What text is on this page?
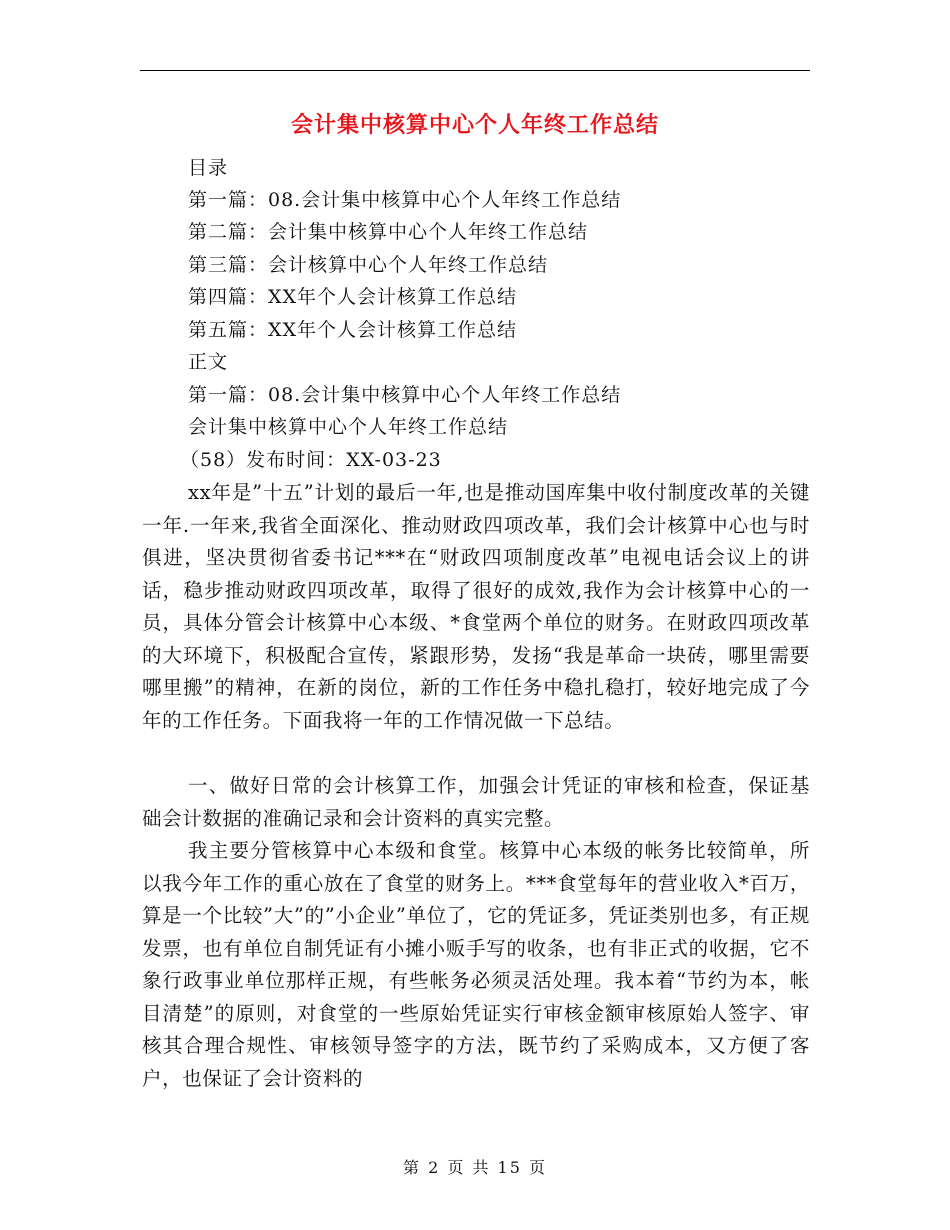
会计集中核算中心个人年终工作总结
目录
第一篇：08.会计集中核算中心个人年终工作总结
第二篇：会计集中核算中心个人年终工作总结
第三篇：会计核算中心个人年终工作总结
第四篇：XX年个人会计核算工作总结
第五篇：XX年个人会计核算工作总结
正文
第一篇：08.会计集中核算中心个人年终工作总结
会计集中核算中心个人年终工作总结
（58）发布时间：XX-03-23

xx年是”十五”计划的最后一年,也是推动国库集中收付制度改革的关键一年.一年来,我省全面深化、推动财政四项改革，我们会计核算中心也与时俱进，坚决贯彻省委书记***在“财政四项制度改革”电视电话会议上的讲话，稳步推动财政四项改革，取得了很好的成效,我作为会计核算中心的一员，具体分管会计核算中心本级、*食堂两个单位的财务。在财政四项改革的大环境下，积极配合宣传，紧跟形势，发扬“我是革命一块砖，哪里需要哪里搬”的精神，在新的岗位，新的工作任务中稳扎稳打，较好地完成了今年的工作任务。下面我将一年的工作情况做一下总结。

一、做好日常的会计核算工作，加强会计凭证的审核和检查，保证基础会计数据的准确记录和会计资料的真实完整。

我主要分管核算中心本级和食堂。核算中心本级的帐务比较简单，所以我今年工作的重心放在了食堂的财务上。***食堂每年的营业收入*百万，算是一个比较”大”的”小企业”单位了，它的凭证多，凭证类别也多，有正规发票，也有单位自制凭证有小摊小贩手写的收条，也有非正式的收据，它不象行政事业单位那样正规，有些帐务必须灵活处理。我本着“节约为本，帐目清楚”的原则，对食堂的一些原始凭证实行审核金额审核原始人签字、审核其合理合规性、审核领导签字的方法，既节约了采购成本，又方便了客户，也保证了会计资料的

第 2 页 共 15 页
